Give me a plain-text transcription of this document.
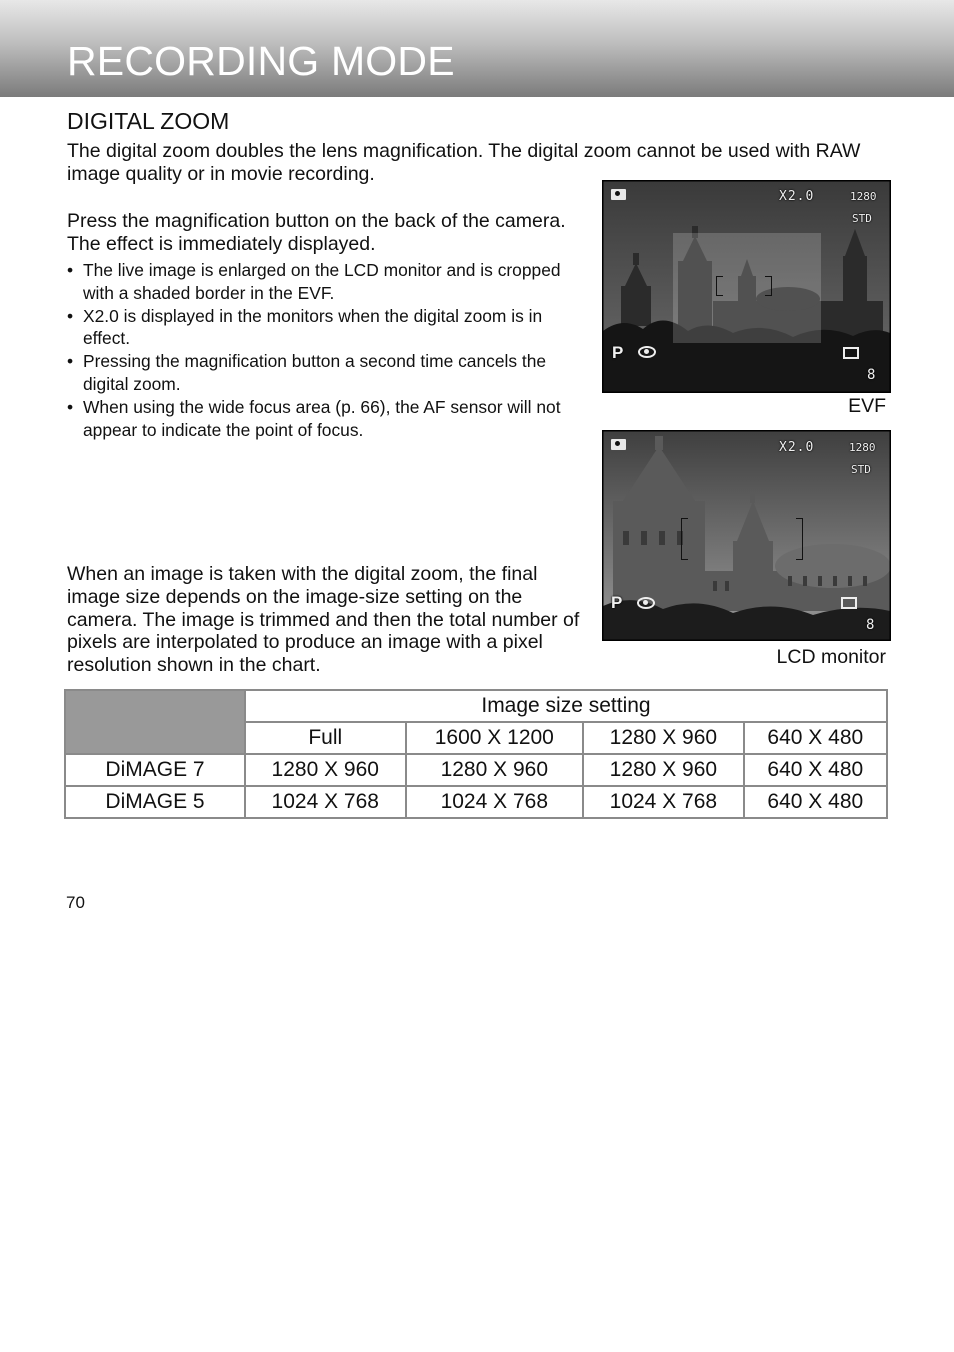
RECORDING MODE
DIGITAL ZOOM

The digital zoom doubles the lens magnification. The digital zoom cannot be used with RAW image quality or in movie recording.

Press the magnification button on the back of the camera. The effect is immediately displayed.

• The live image is enlarged on the LCD monitor and is cropped with a shaded border in the EVF.
• X2.0 is displayed in the monitors when the digital zoom is in effect.
• Pressing the magnification button a second time cancels the digital zoom.
• When using the wide focus area (p. 66), the AF sensor will not appear to indicate the point of focus.
X2.0	1280
STD
P
8

EVF

X2.0	1280
STD
P
8

LCD monitor

When an image is taken with the digital zoom, the final image size depends on the image-size setting on the camera. The image is trimmed and then the total number of pixels are interpolated to produce an image with a pixel resolution shown in the chart.

	Image size setting			
	Full	1600 X 1200	1280 X 960	640 X 480
DiMAGE 7	1280 X 960	1280 X 960	1280 X 960	640 X 480
DiMAGE 5	1024 X 768	1024 X 768	1024 X 768	640 X 480

70
